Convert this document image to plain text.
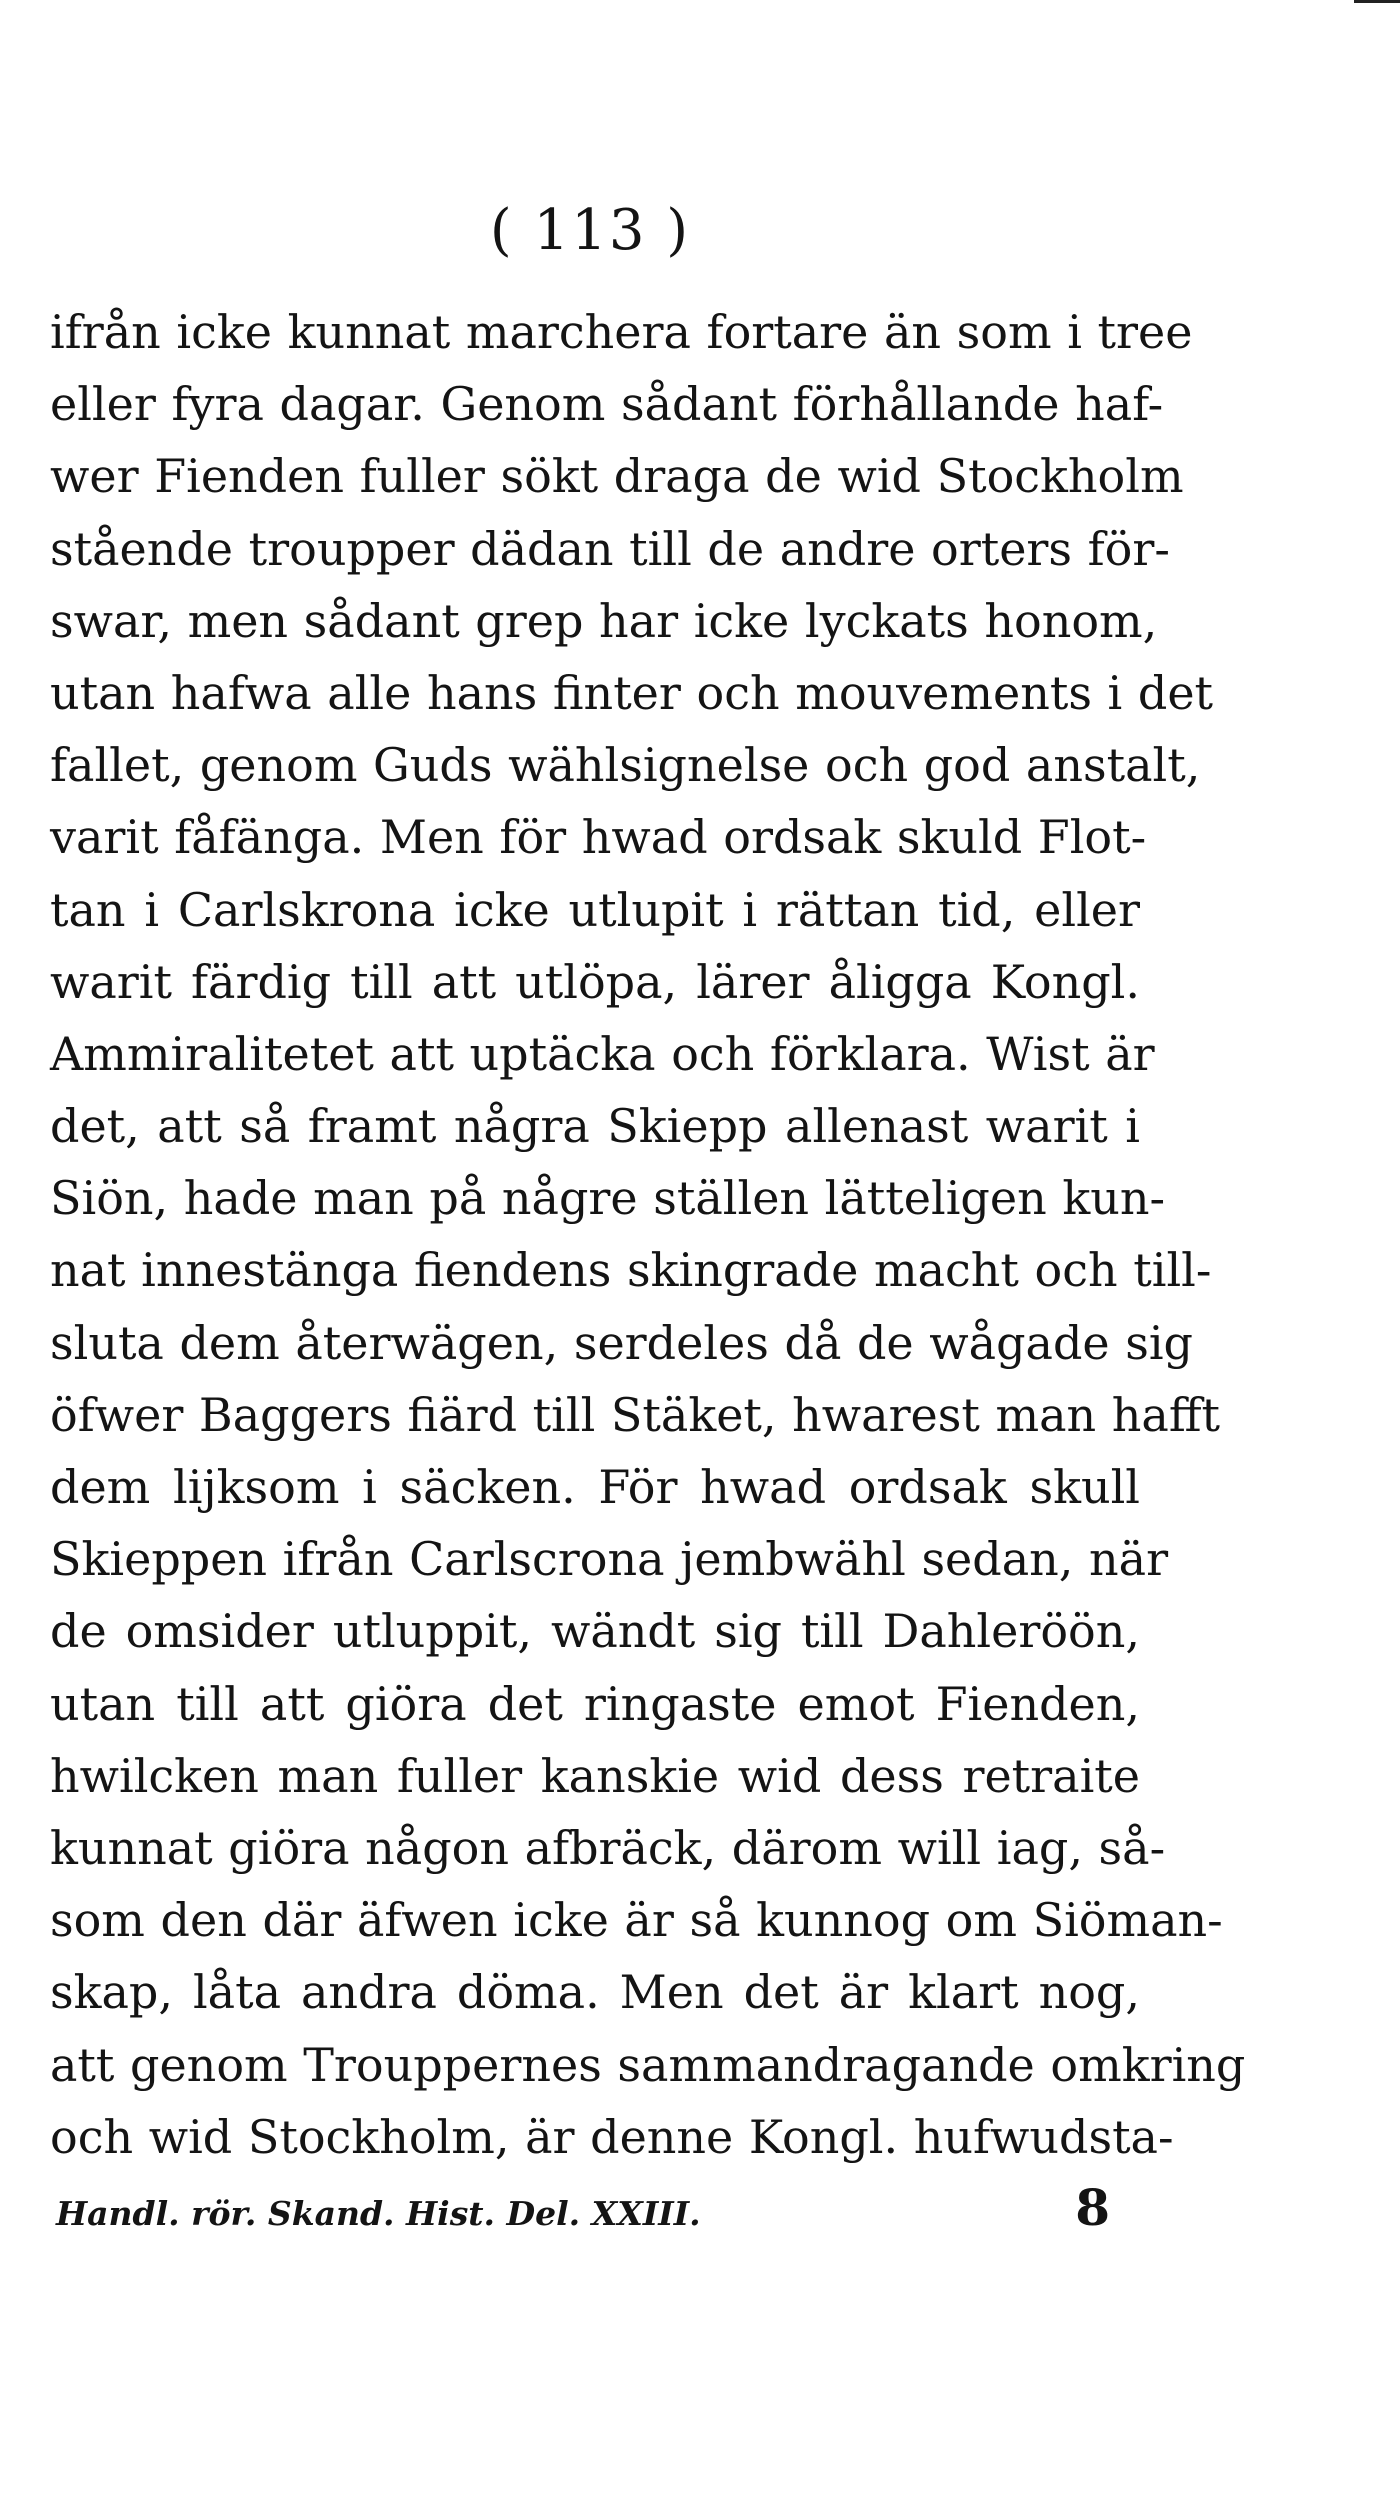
( 113 )
ifrån icke kunnat marchera fortare än som i tree
eller fyra dagar. Genom sådant förhållande haf-
wer Fienden fuller sökt draga de wid Stockholm
stående troupper dädan till de andre orters för-
swar, men sådant grep har icke lyckats honom,
utan hafwa alle hans finter och mouvements i det
fallet, genom Guds wählsignelse och god anstalt,
varit fåfänga. Men för hwad ordsak skuld Flot-
tan i Carlskrona icke utlupit i rättan tid, eller
warit färdig till att utlöpa, lärer åligga Kongl.
Ammiralitetet att uptäcka och förklara. Wist är
det, att så framt några Skiepp allenast warit i
Siön, hade man på någre ställen lätteligen kun-
nat innestänga fiendens skingrade macht och till-
sluta dem återwägen, serdeles då de wågade sig
öfwer Baggers fiärd till Stäket, hwarest man hafft
dem lijksom i säcken. För hwad ordsak skull
Skieppen ifrån Carlscrona jembwähl sedan, när
de omsider utluppit, wändt sig till Dahleröön,
utan till att giöra det ringaste emot Fienden,
hwilcken man fuller kanskie wid dess retraite
kunnat giöra någon afbräck, därom will iag, så-
som den där äfwen icke är så kunnog om Siöman-
skap, låta andra döma. Men det är klart nog,
att genom Trouppernes sammandragande omkring
och wid Stockholm, är denne Kongl. hufwudsta-
Handl. rör. Skand. Hist. Del. XXIII.	8
